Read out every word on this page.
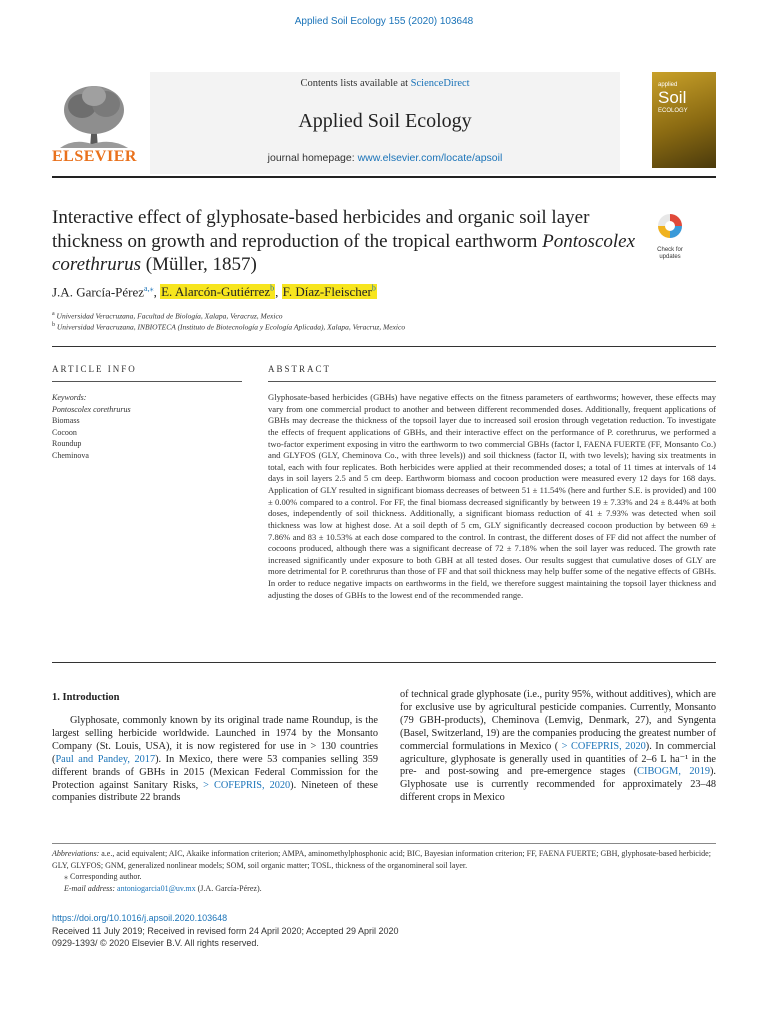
Applied Soil Ecology 155 (2020) 103648
ELSEVIER
Contents lists available at ScienceDirect
Applied Soil Ecology
journal homepage: www.elsevier.com/locate/apsoil
applied
Soil
ECOLOGY
Interactive effect of glyphosate-based herbicides and organic soil layer thickness on growth and reproduction of the tropical earthworm Pontoscolex corethrurus (Müller, 1857)
Check for updates
J.A. García-Pérez$^{a,⁎}$, E. Alarcón-Gutiérrez$^b$, F. Díaz-Fleischer$^b$
$^a$ Universidad Veracruzana, Facultad de Biología, Xalapa, Veracruz, Mexico
$^b$ Universidad Veracruzana, INBIOTECA (Instituto de Biotecnología y Ecología Aplicada), Xalapa, Veracruz, Mexico
ARTICLE INFO	ABSTRACT
Keywords:
Pontoscolex corethrurus
Biomass
Cocoon
Roundup
Cheminova
Glyphosate-based herbicides (GBHs) have negative effects on the fitness parameters of earthworms; however, these effects may vary from one commercial product to another and between different recommended doses. Additionally, frequent applications of GBHs may decrease the thickness of the topsoil layer due to increased soil erosion through vegetation reduction. To investigate the effects of frequent applications of GBHs, and their interactive effect on the performance of P. corethrurus, we performed a two-factor experiment exposing in vitro the earthworm to two commercial GBHs (factor I, FAENA FUERTE (FF, Monsanto Co.) and GLYFOS (GLY, Cheminova Co., with three levels)) and soil thickness (factor II, with two levels); having six treatments in total, each with four replicates. Both herbicides were applied at their recommended doses; a total of 11 times at intervals of 14 days in soil layers 2.5 and 5 cm deep. Earthworm biomass and cocoon production were measured every 12 days for 168 days. Application of GLY resulted in significant biomass decreases of between 51 ± 11.54% (here and further S.E. is provided) and 100 ± 0.00% compared to a control. For FF, the final biomass decreased significantly by between 19 ± 7.33% and 24 ± 8.44% at both doses, independently of soil thickness. Additionally, a significant biomass reduction of 41 ± 7.93% was detected when soil thickness was low at highest dose. At a soil depth of 5 cm, GLY significantly decreased cocoon production by between 69 ± 7.86% and 83 ± 10.53% at each dose compared to the control. In contrast, the different doses of FF did not affect the number of cocoons produced, although there was a significant decrease of 72 ± 7.18% when the soil layer was reduced. The growth rate increased significantly under exposure to both GBH at all tested doses. Our results suggest that cumulative doses of GLY are more detrimental for P. corethrurus than those of FF and that soil thickness may help buffer some of the negative effects of GBHs. In order to reduce negative impacts on earthworms in the field, we therefore suggest maintaining the topsoil layer thickness and adjusting the doses of GBHs to the lowest end of the recommended range.
1. Introduction

Glyphosate, commonly known by its original trade name Roundup, is the largest selling herbicide worldwide. Launched in 1974 by the Monsanto Company (St. Louis, USA), it is now registered for use in > 130 countries (Paul and Pandey, 2017). In Mexico, there were 53 companies selling 359 different brands of GBHs in 2015 (Mexican Federal Commission for the Protection against Sanitary Risks, > COFEPRIS, 2020). Nineteen of these companies distribute 22 brands

of technical grade glyphosate (i.e., purity 95%, without additives), which are for exclusive use by agricultural pesticide companies. Currently, Monsanto (79 GBH-products), Cheminova (Lemvig, Denmark, 27), and Syngenta (Basel, Switzerland, 19) are the companies producing the greatest number of commercial formulations in Mexico ( > COFEPRIS, 2020). In commercial agriculture, glyphosate is generally used in quantities of 2–6 L ha⁻¹ in the pre- and post-sowing and pre-emergence stages (CIBOGM, 2019). Glyphosate use is currently recommended for approximately 23–48 different crops in Mexico

Abbreviations: a.e., acid equivalent; AIC, Akaike information criterion; AMPA, aminomethylphosphonic acid; BIC, Bayesian information criterion; FF, FAENA FUERTE; GBH, glyphosate-based herbicide; GLY, GLYFOS; GNM, generalized nonlinear models; SOM, soil organic matter; TOSL, thickness of the organomineral soil layer.

⁎ Corresponding author.

E-mail address: antoniogarcia01@uv.mx (J.A. García-Pérez).

https://doi.org/10.1016/j.apsoil.2020.103648
Received 11 July 2019; Received in revised form 24 April 2020; Accepted 29 April 2020
0929-1393/ © 2020 Elsevier B.V. All rights reserved.
